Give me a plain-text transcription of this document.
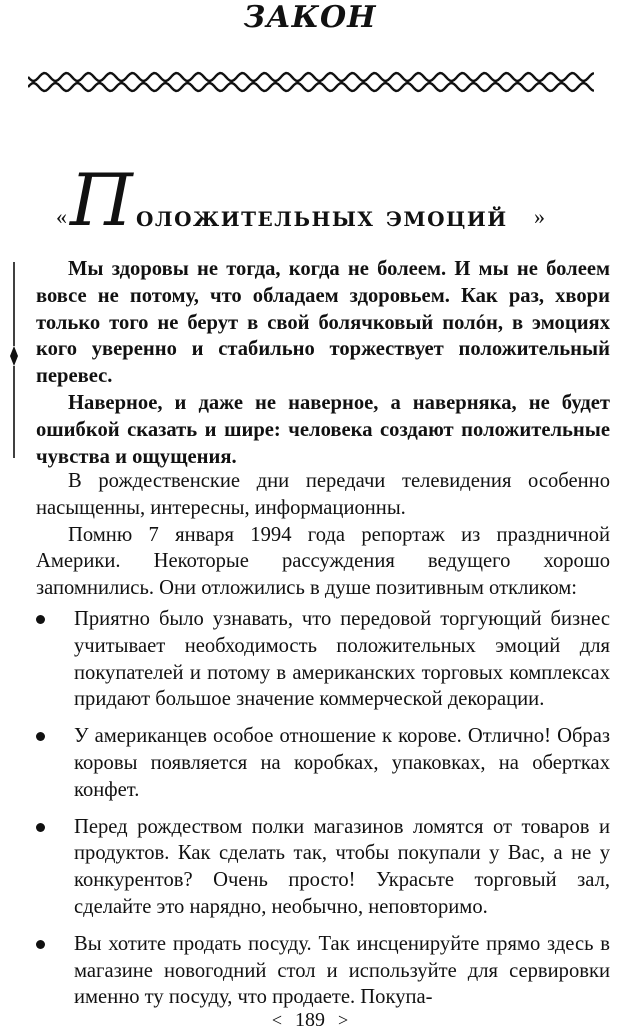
ЗАКОН
« П оложительных эмоций »

Мы здоровы не тогда, когда не болеем. И мы не болеем вовсе не потому, что обладаем здоровьем. Как раз, хвори только того не берут в свой болячковый полóн, в эмоциях кого уверенно и стабильно торжествует положительный перевес.

Наверное, и даже не наверное, а наверняка, не будет ошибкой сказать и шире: человека создают положительные чувства и ощущения.

В рождественские дни передачи телевидения особенно насыщенны, интересны, информационны.

Помню 7 января 1994 года репортаж из праздничной Америки. Некоторые рассуждения ведущего хорошо запомнились. Они отложились в душе позитивным откликом:

Приятно было узнавать, что передовой торгующий бизнес учитывает необходимость положительных эмоций для покупателей и потому в американских торговых комплексах придают большое значение коммерческой декорации.
У американцев особое отношение к корове. Отлично! Образ коровы появляется на коробках, упаковках, на обертках конфет.
Перед рождеством полки магазинов ломятся от товаров и продуктов. Как сделать так, чтобы покупали у Вас, а не у конкурентов? Очень просто! Украсьте торговый зал, сделайте это нарядно, необычно, неповторимо.
Вы хотите продать посуду. Так инсценируйте прямо здесь в магазине новогодний стол и используйте для сервировки именно ту посуду, что продаете. Покупа-
< 189 >
